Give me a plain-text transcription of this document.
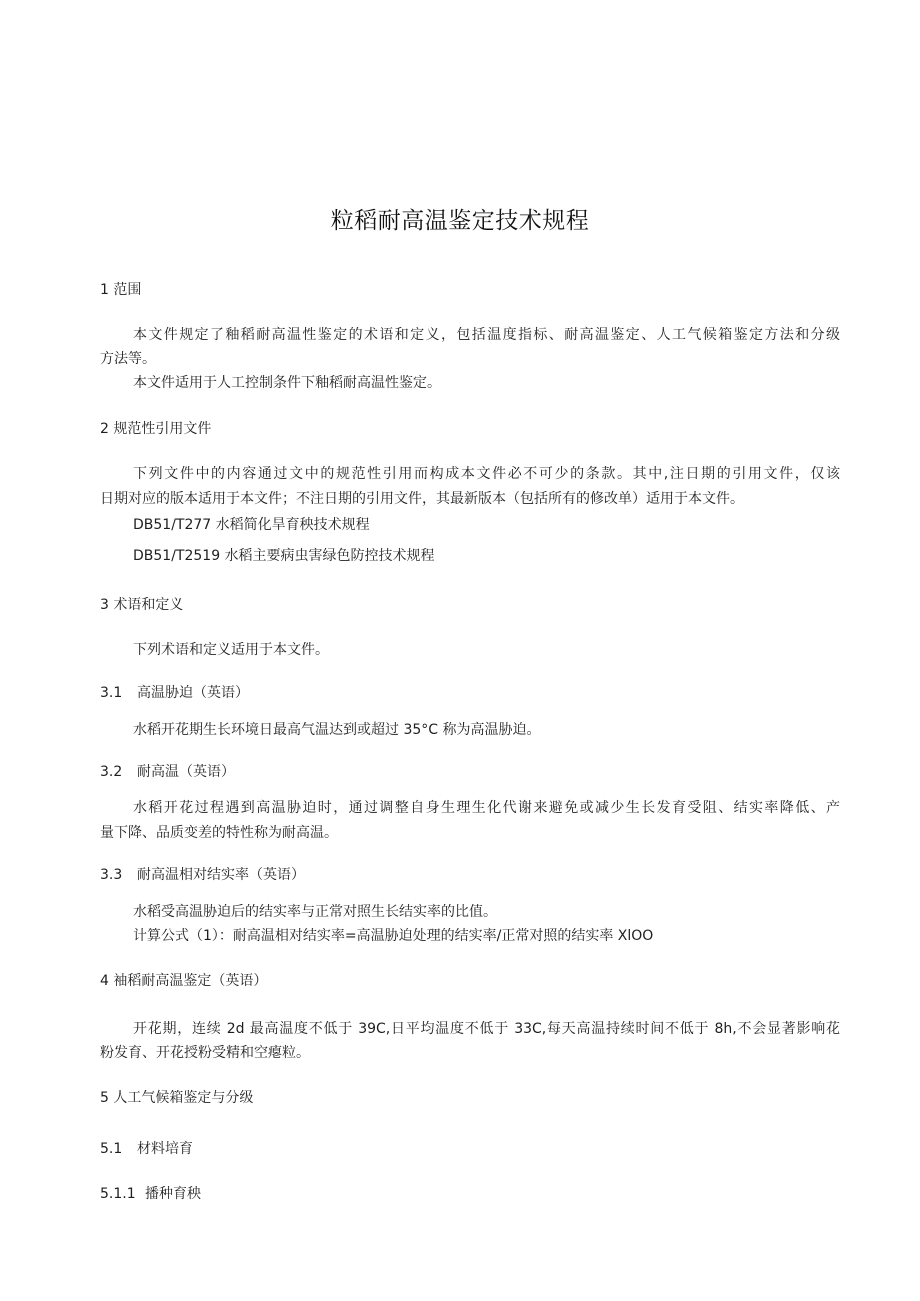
粒稻耐高温鉴定技术规程
1 范围
本文件规定了釉稻耐高温性鉴定的术语和定义，包括温度指标、耐高温鉴定、人工气候箱鉴定方法和分级
方法等。
本文件适用于人工控制条件下釉稻耐高温性鉴定。
2 规范性引用文件
下列文件中的内容通过文中的规范性引用而构成本文件必不可少的条款。其中,注日期的引用文件，仅该
日期对应的版本适用于本文件；不注日期的引用文件，其最新版本（包括所有的修改单）适用于本文件。
DB51/T277 水稻简化旱育秧技术规程
DB51/T2519 水稻主要病虫害绿色防控技术规程
3 术语和定义
下列术语和定义适用于本文件。
3.1 高温胁迫（英语）
水稻开花期生长环境日最高气温达到或超过 35°C 称为高温胁迫。
3.2 耐高温（英语）
水稻开花过程遇到高温胁迫时，通过调整自身生理生化代谢来避免或减少生长发育受阻、结实率降低、产
量下降、品质变差的特性称为耐高温。
3.3 耐高温相对结实率（英语）
水稻受高温胁迫后的结实率与正常对照生长结实率的比值。
计算公式（1）：耐高温相对结实率=高温胁迫处理的结实率/正常对照的结实率 XlOO
4 袖稻耐高温鉴定（英语）
开花期，连续 2d 最高温度不低于 39C,日平均温度不低于 33C,每天高温持续时间不低于 8h,不会显著影响花
粉发育、开花授粉受精和空瘪粒。
5 人工气候箱鉴定与分级
5.1 材料培育
5.1.1 播种育秧
